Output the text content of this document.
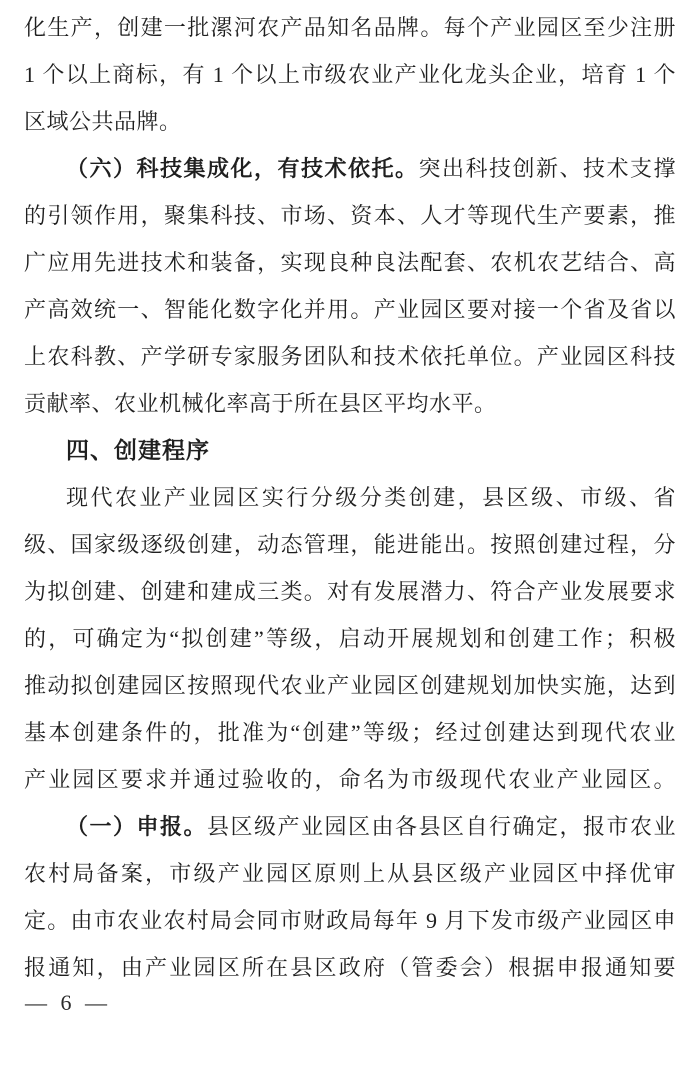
化生产，创建一批漯河农产品知名品牌。每个产业园区至少注册
1 个以上商标，有 1 个以上市级农业产业化龙头企业，培育 1 个
区域公共品牌。
（六）科技集成化，有技术依托。突出科技创新、技术支撑
的引领作用，聚集科技、市场、资本、人才等现代生产要素，推
广应用先进技术和装备，实现良种良法配套、农机农艺结合、高
产高效统一、智能化数字化并用。产业园区要对接一个省及省以
上农科教、产学研专家服务团队和技术依托单位。产业园区科技
贡献率、农业机械化率高于所在县区平均水平。
四、创建程序
现代农业产业园区实行分级分类创建，县区级、市级、省
级、国家级逐级创建，动态管理，能进能出。按照创建过程，分
为拟创建、创建和建成三类。对有发展潜力、符合产业发展要求
的，可确定为“拟创建”等级，启动开展规划和创建工作；积极
推动拟创建园区按照现代农业产业园区创建规划加快实施，达到
基本创建条件的，批准为“创建”等级；经过创建达到现代农业
产业园区要求并通过验收的，命名为市级现代农业产业园区。
（一）申报。县区级产业园区由各县区自行确定，报市农业
农村局备案，市级产业园区原则上从县区级产业园区中择优审
定。由市农业农村局会同市财政局每年 9 月下发市级产业园区申
报通知，由产业园区所在县区政府（管委会）根据申报通知要
— 6 —
